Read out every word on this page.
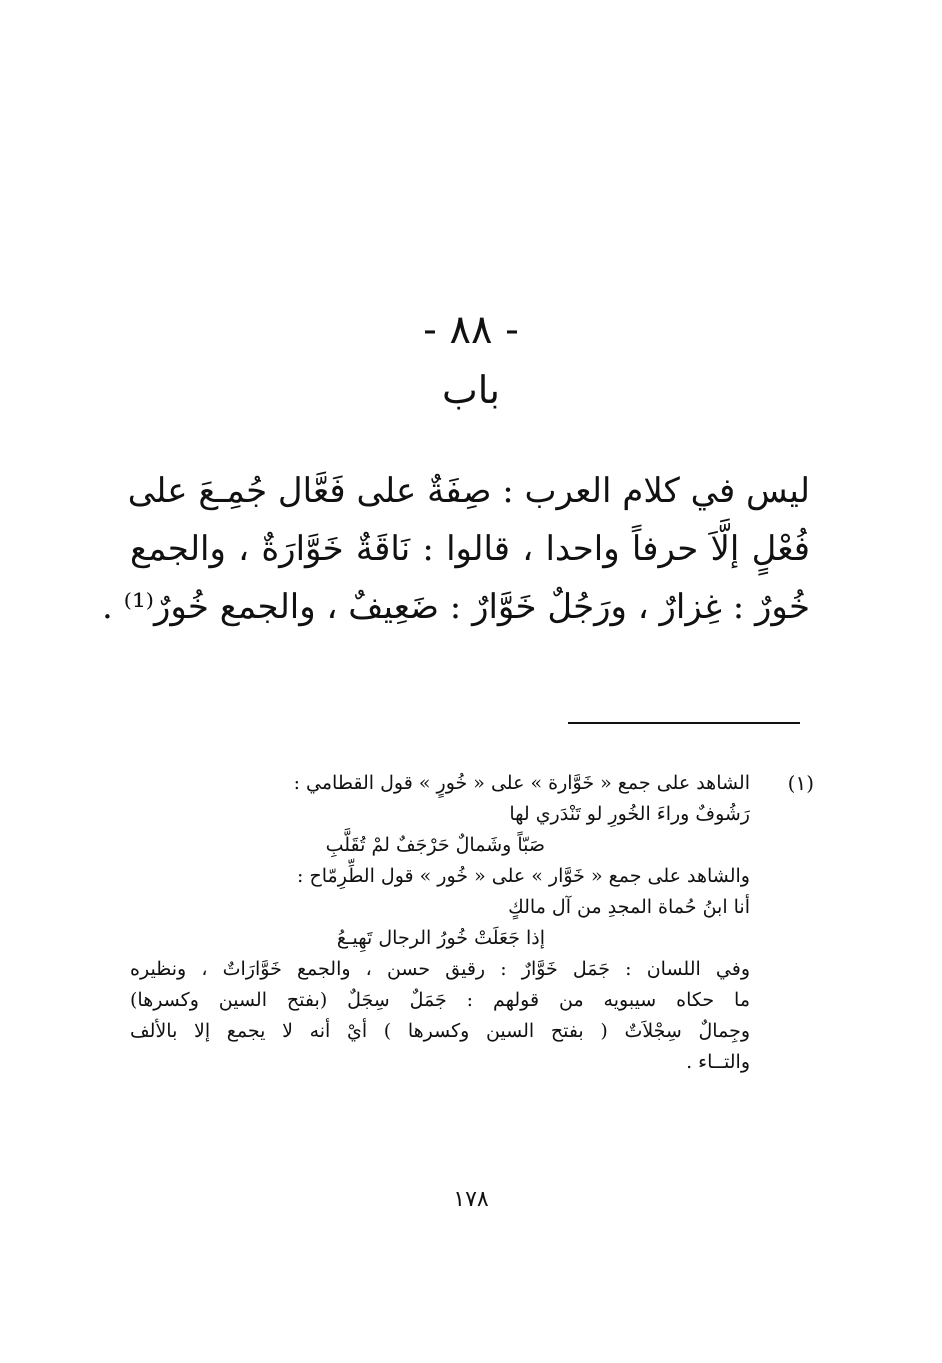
- ٨٨ -
باب
ليس في كلام العرب : صِفَةٌ على فَعَّال جُمِـعَ على
فُعْلٍ إلَّاَ حرفاً واحدا ، قالوا : نَاقَةٌ خَوَّارَةٌ ، والجمع
خُورٌ : غِزارٌ ، ورَجُلٌ خَوَّارٌ : ضَعِيفٌ ، والجمع خُورٌ⁽¹⁾ .
(١)
الشاهد على جمع « خَوَّارة » على « خُورٍ » قول القطامي :
رَشُوفٌ وراءَ الخُورِ لو تَنْدَري لها
صَبّاً وشَمالٌ حَرْجَفٌ لمْ تُقَلَّبِ
والشاهد على جمع « خَوَّار » على « خُور » قول الطِّرِمّاح :
أنا ابنُ حُماة المجدِ من آل مالكٍ
إذا جَعَلَتْ خُورُ الرجال تَهِيـعُ
وفي اللسان : جَمَل خَوَّارٌ : رقيق حسن ، والجمع خَوَّارَاتٌ ، ونظيره
ما حكاه سيبويه من قولهم : جَمَلٌ سِجَلٌ (بفتح السين وكسرها)
وجِمالٌ سِجْلاَتٌ ( بفتح السين وكسرها ) أيْ أنه لا يجمع إلا بالألف
والتــاء .
١٧٨
